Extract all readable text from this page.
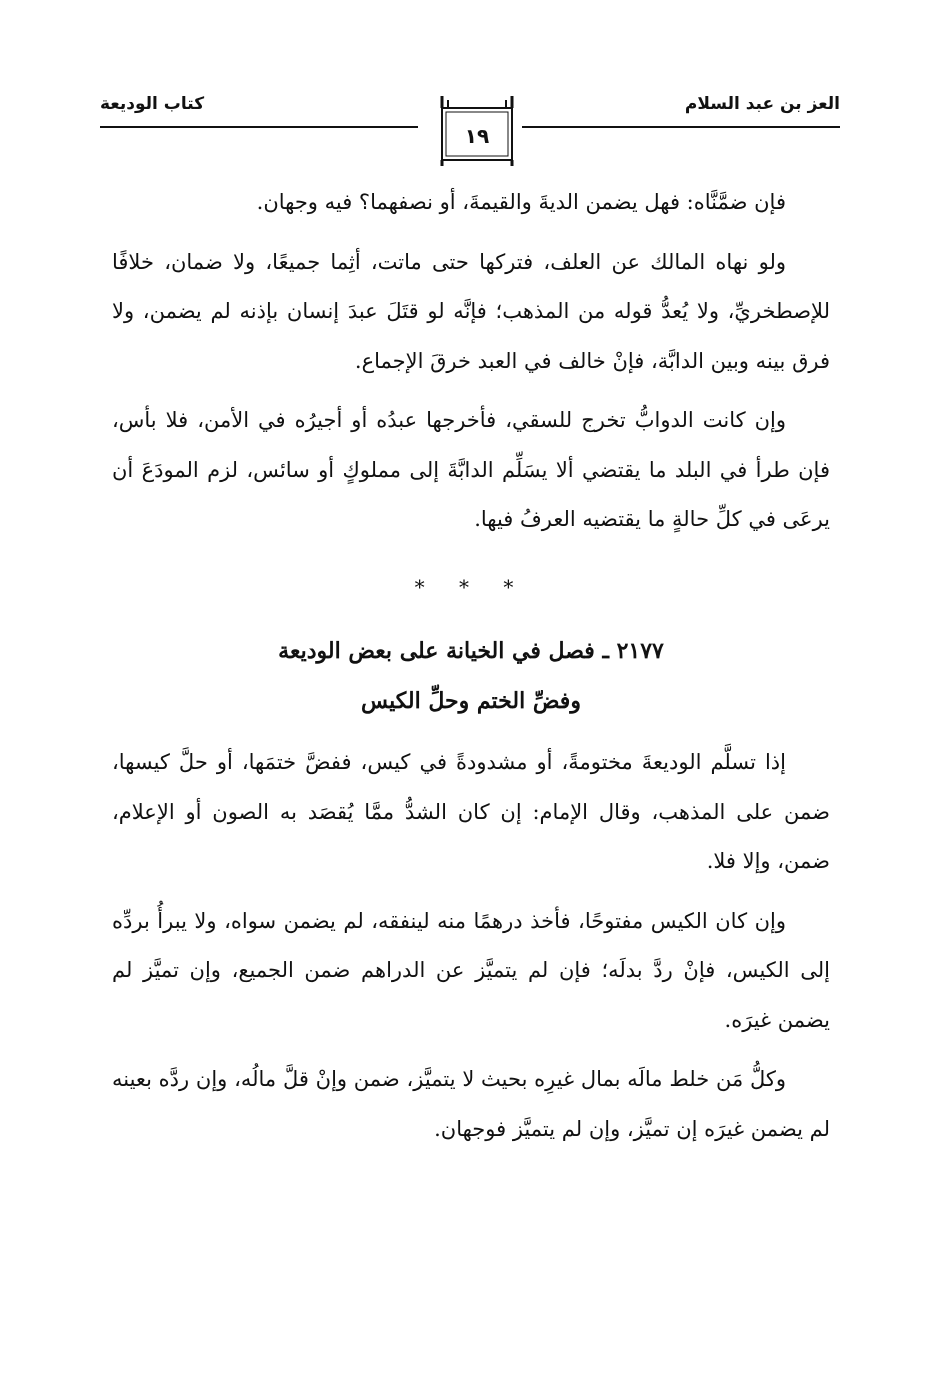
العز بن عبد السلام
١٩
كتاب الوديعة

فإن ضمَّنَّاه: فهل يضمن الديةَ والقيمةَ، أو نصفهما؟ فيه وجهان.

ولو نهاه المالك عن العلف، فتركها حتى ماتت، أثِما جميعًا، ولا ضمان، خلافًا للإصطخريِّ، ولا يُعدُّ قوله من المذهب؛ فإنَّه لو قتَلَ عبدَ إنسان بإذنه لم يضمن، ولا فرق بينه وبين الدابَّة، فإنْ خالف في العبد خرقَ الإجماع.

وإن كانت الدوابُّ تخرج للسقي، فأخرجها عبدُه أو أجيرُه في الأمن، فلا بأس، فإن طرأ في البلد ما يقتضي ألا يسَلِّم الدابَّةَ إلى مملوكٍ أو سائس، لزم المودَعَ أن يرعَى في كلِّ حالةٍ ما يقتضيه العرفُ فيها.

* * *
٢١٧٧ ـ فصل في الخيانة على بعض الوديعة
وفضِّ الختم وحلِّ الكيس

إذا تسلَّم الوديعةَ مختومةً، أو مشدودةً في كيس، ففضَّ ختمَها، أو حلَّ كيسها، ضمن على المذهب، وقال الإمام: إن كان الشدُّ ممَّا يُقصَد به الصون أو الإعلام، ضمن، وإلا فلا.

وإن كان الكيس مفتوحًا، فأخذ درهمًا منه لينفقه، لم يضمن سواه، ولا يبرأُ بردِّه إلى الكيس، فإنْ ردَّ بدلَه؛ فإن لم يتميَّز عن الدراهم ضمن الجميع، وإن تميَّز لم يضمن غيرَه.

وكلُّ مَن خلط مالَه بمال غيرِه بحيث لا يتميَّز، ضمن وإنْ قلَّ مالُه، وإن ردَّه بعينه لم يضمن غيرَه إن تميَّز، وإن لم يتميَّز فوجهان.
